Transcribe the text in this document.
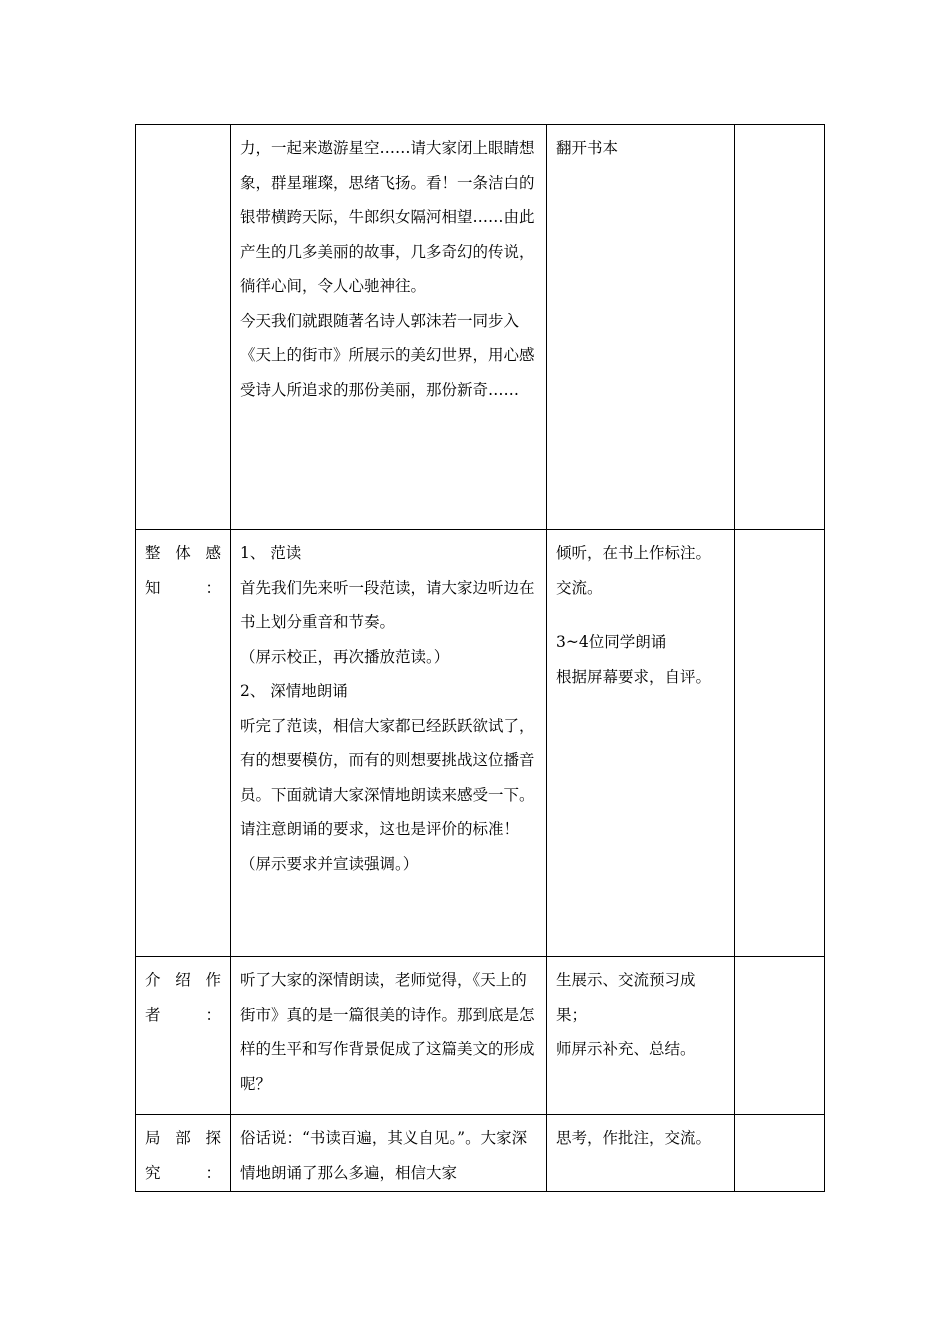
	力，一起来遨游星空……请大家闭上眼睛想象，群星璀璨，思绪飞扬。看！一条洁白的银带横跨天际，牛郎织女隔河相望……由此产生的几多美丽的故事，几多奇幻的传说，徜徉心间，令人心驰神往。
今天我们就跟随著名诗人郭沫若一同步入《天上的街市》所展示的美幻世界，用心感受诗人所追求的那份美丽，那份新奇……	翻开书本	

整体感知：	1、 范读
首先我们先来听一段范读，请大家边听边在书上划分重音和节奏。
（屏示校正，再次播放范读。）
2、 深情地朗诵
听完了范读，相信大家都已经跃跃欲试了，有的想要模仿，而有的则想要挑战这位播音员。下面就请大家深情地朗读来感受一下。请注意朗诵的要求，这也是评价的标准！（屏示要求并宣读强调。）	倾听，在书上作标注。
交流。
3~4位同学朗诵
根据屏幕要求，自评。	

介绍作者：	听了大家的深情朗读，老师觉得，《天上的街市》真的是一篇很美的诗作。那到底是怎样的生平和写作背景促成了这篇美文的形成呢？	生展示、交流预习成果；
师屏示补充、总结。	

局部探究：	俗话说：“书读百遍，其义自见。”。大家深情地朗诵了那么多遍，相信大家	思考，作批注，交流。	
